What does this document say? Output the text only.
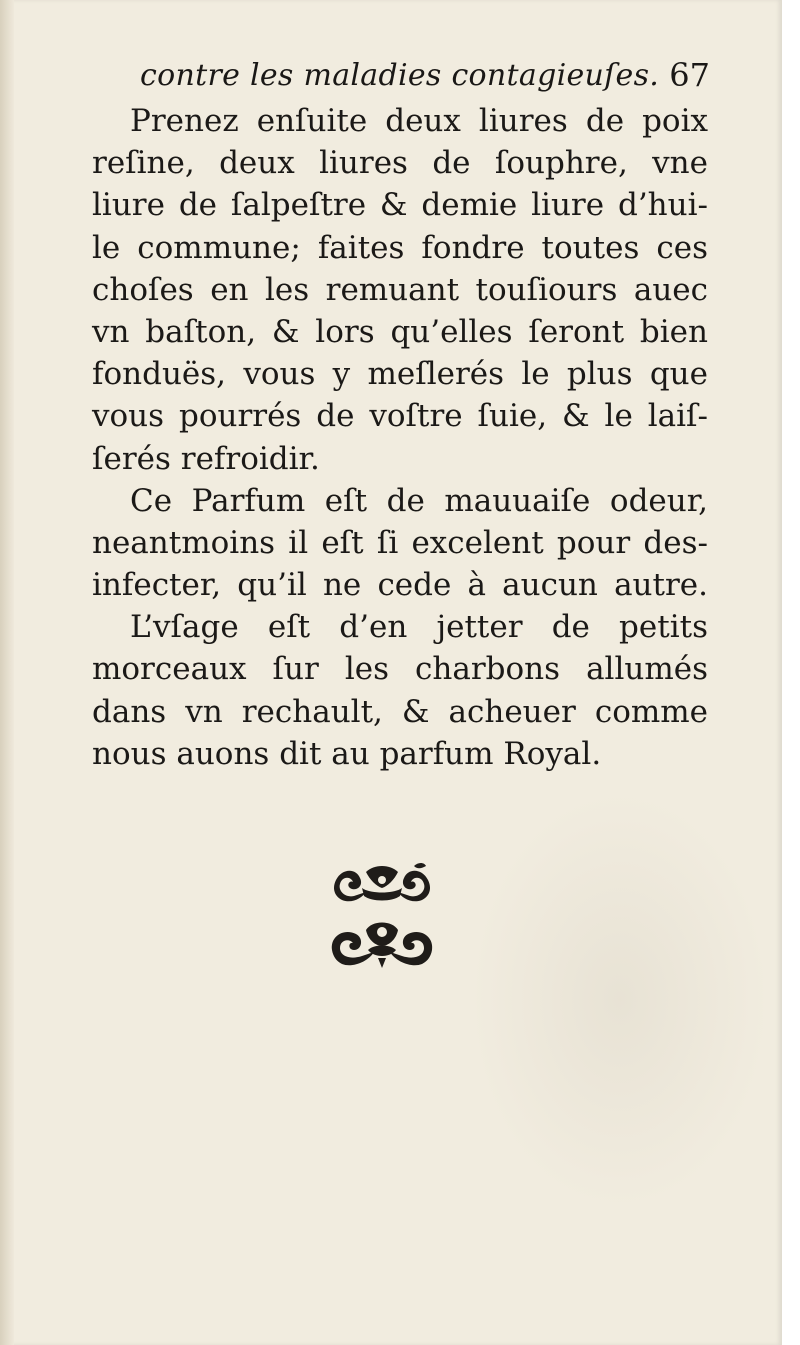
contre les maladies contagieuſes. 67
Prenez enſuite deux liures de poix
reſine, deux liures de ſouphre, vne
liure de ſalpeſtre & demie liure d’hui-
le commune; faites fondre toutes ces
choſes en les remuant touſiours auec
vn baſton, & lors qu’elles ſeront bien
fonduës, vous y meſlerés le plus que
vous pourrés de voſtre ſuie, & le laiſ-
ſerés refroidir.
Ce Parfum eſt de mauuaiſe odeur,
neantmoins il eſt ſi excelent pour des-
infecter, qu’il ne cede à aucun autre.
L’vſage eſt d’en jetter de petits
morceaux ſur les charbons allumés
dans vn rechault, & acheuer comme
nous auons dit au parfum Royal.
